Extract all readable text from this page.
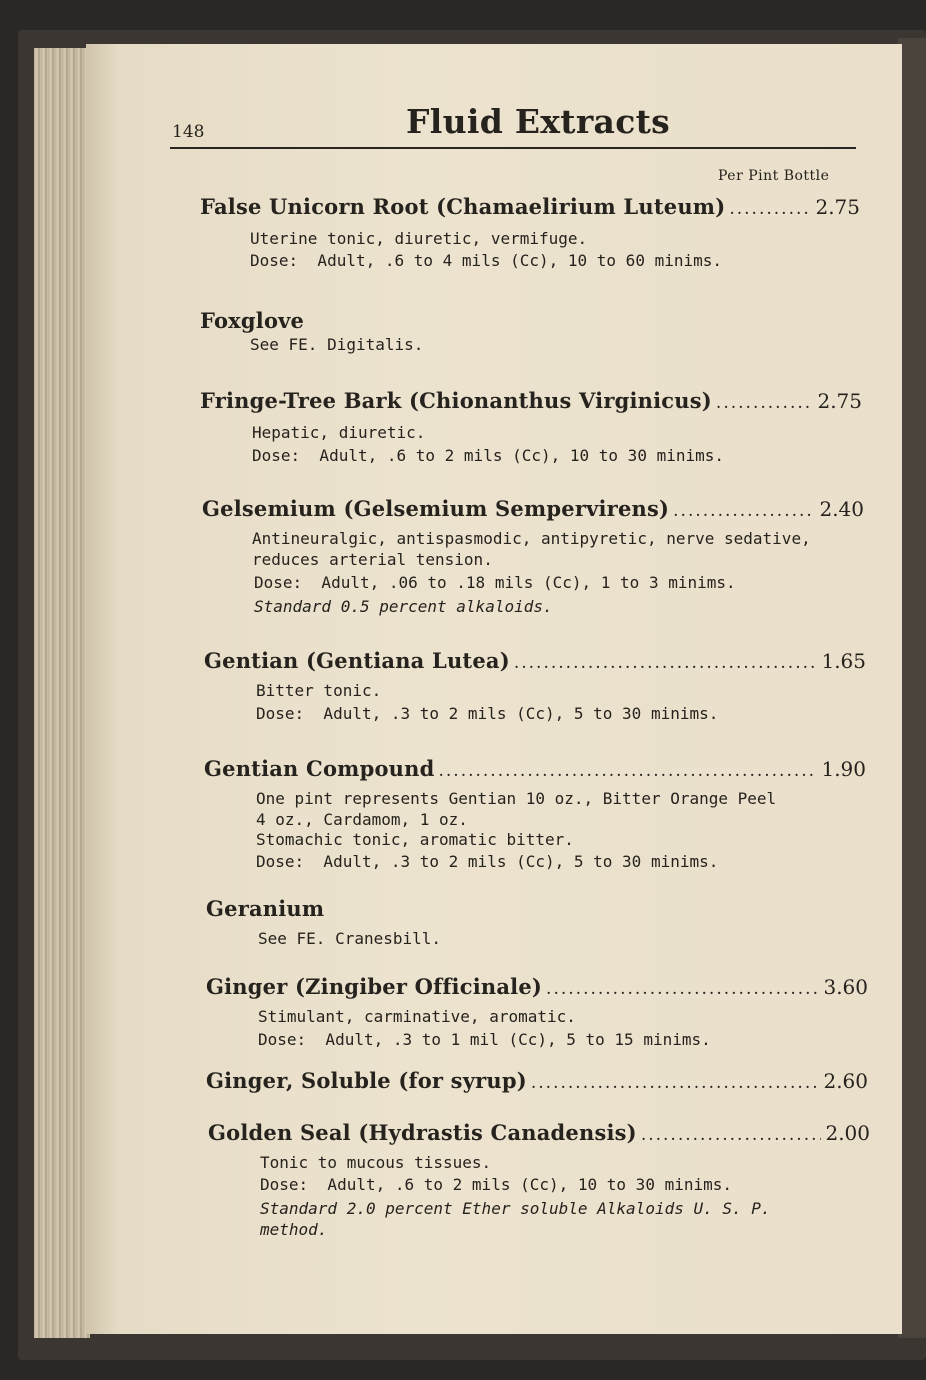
148	Fluid Extracts
Per Pint Bottle
False Unicorn Root (Chamaelirium Luteum) .....	2.75
Uterine tonic, diuretic, vermifuge.
Dose:  Adult, .6 to 4 mils (Cc), 10 to 60 minims.
Foxglove
See FE. Digitalis.
Fringe-Tree Bark (Chionanthus Virginicus) .....	2.75
Hepatic, diuretic.
Dose:  Adult, .6 to 2 mils (Cc), 10 to 30 minims.
Gelsemium (Gelsemium Sempervirens) .....	2.40
Antineuralgic, antispasmodic, antipyretic, nerve sedative,
reduces arterial tension.
Dose:  Adult, .06 to .18 mils (Cc), 1 to 3 minims.
Standard 0.5 percent alkaloids.
Gentian (Gentiana Lutea) .....	1.65
Bitter tonic.
Dose:  Adult, .3 to 2 mils (Cc), 5 to 30 minims.
Gentian Compound .....	1.90
One pint represents Gentian 10 oz., Bitter Orange Peel
4 oz., Cardamom, 1 oz.
Stomachic tonic, aromatic bitter.
Dose:  Adult, .3 to 2 mils (Cc), 5 to 30 minims.
Geranium
See FE. Cranesbill.
Ginger (Zingiber Officinale) .....	3.60
Stimulant, carminative, aromatic.
Dose:  Adult, .3 to 1 mil (Cc), 5 to 15 minims.
Ginger, Soluble (for syrup) .....	2.60
Golden Seal (Hydrastis Canadensis) .....	2.00
Tonic to mucous tissues.
Dose:  Adult, .6 to 2 mils (Cc), 10 to 30 minims.
Standard 2.0 percent Ether soluble Alkaloids U. S. P.
method.
